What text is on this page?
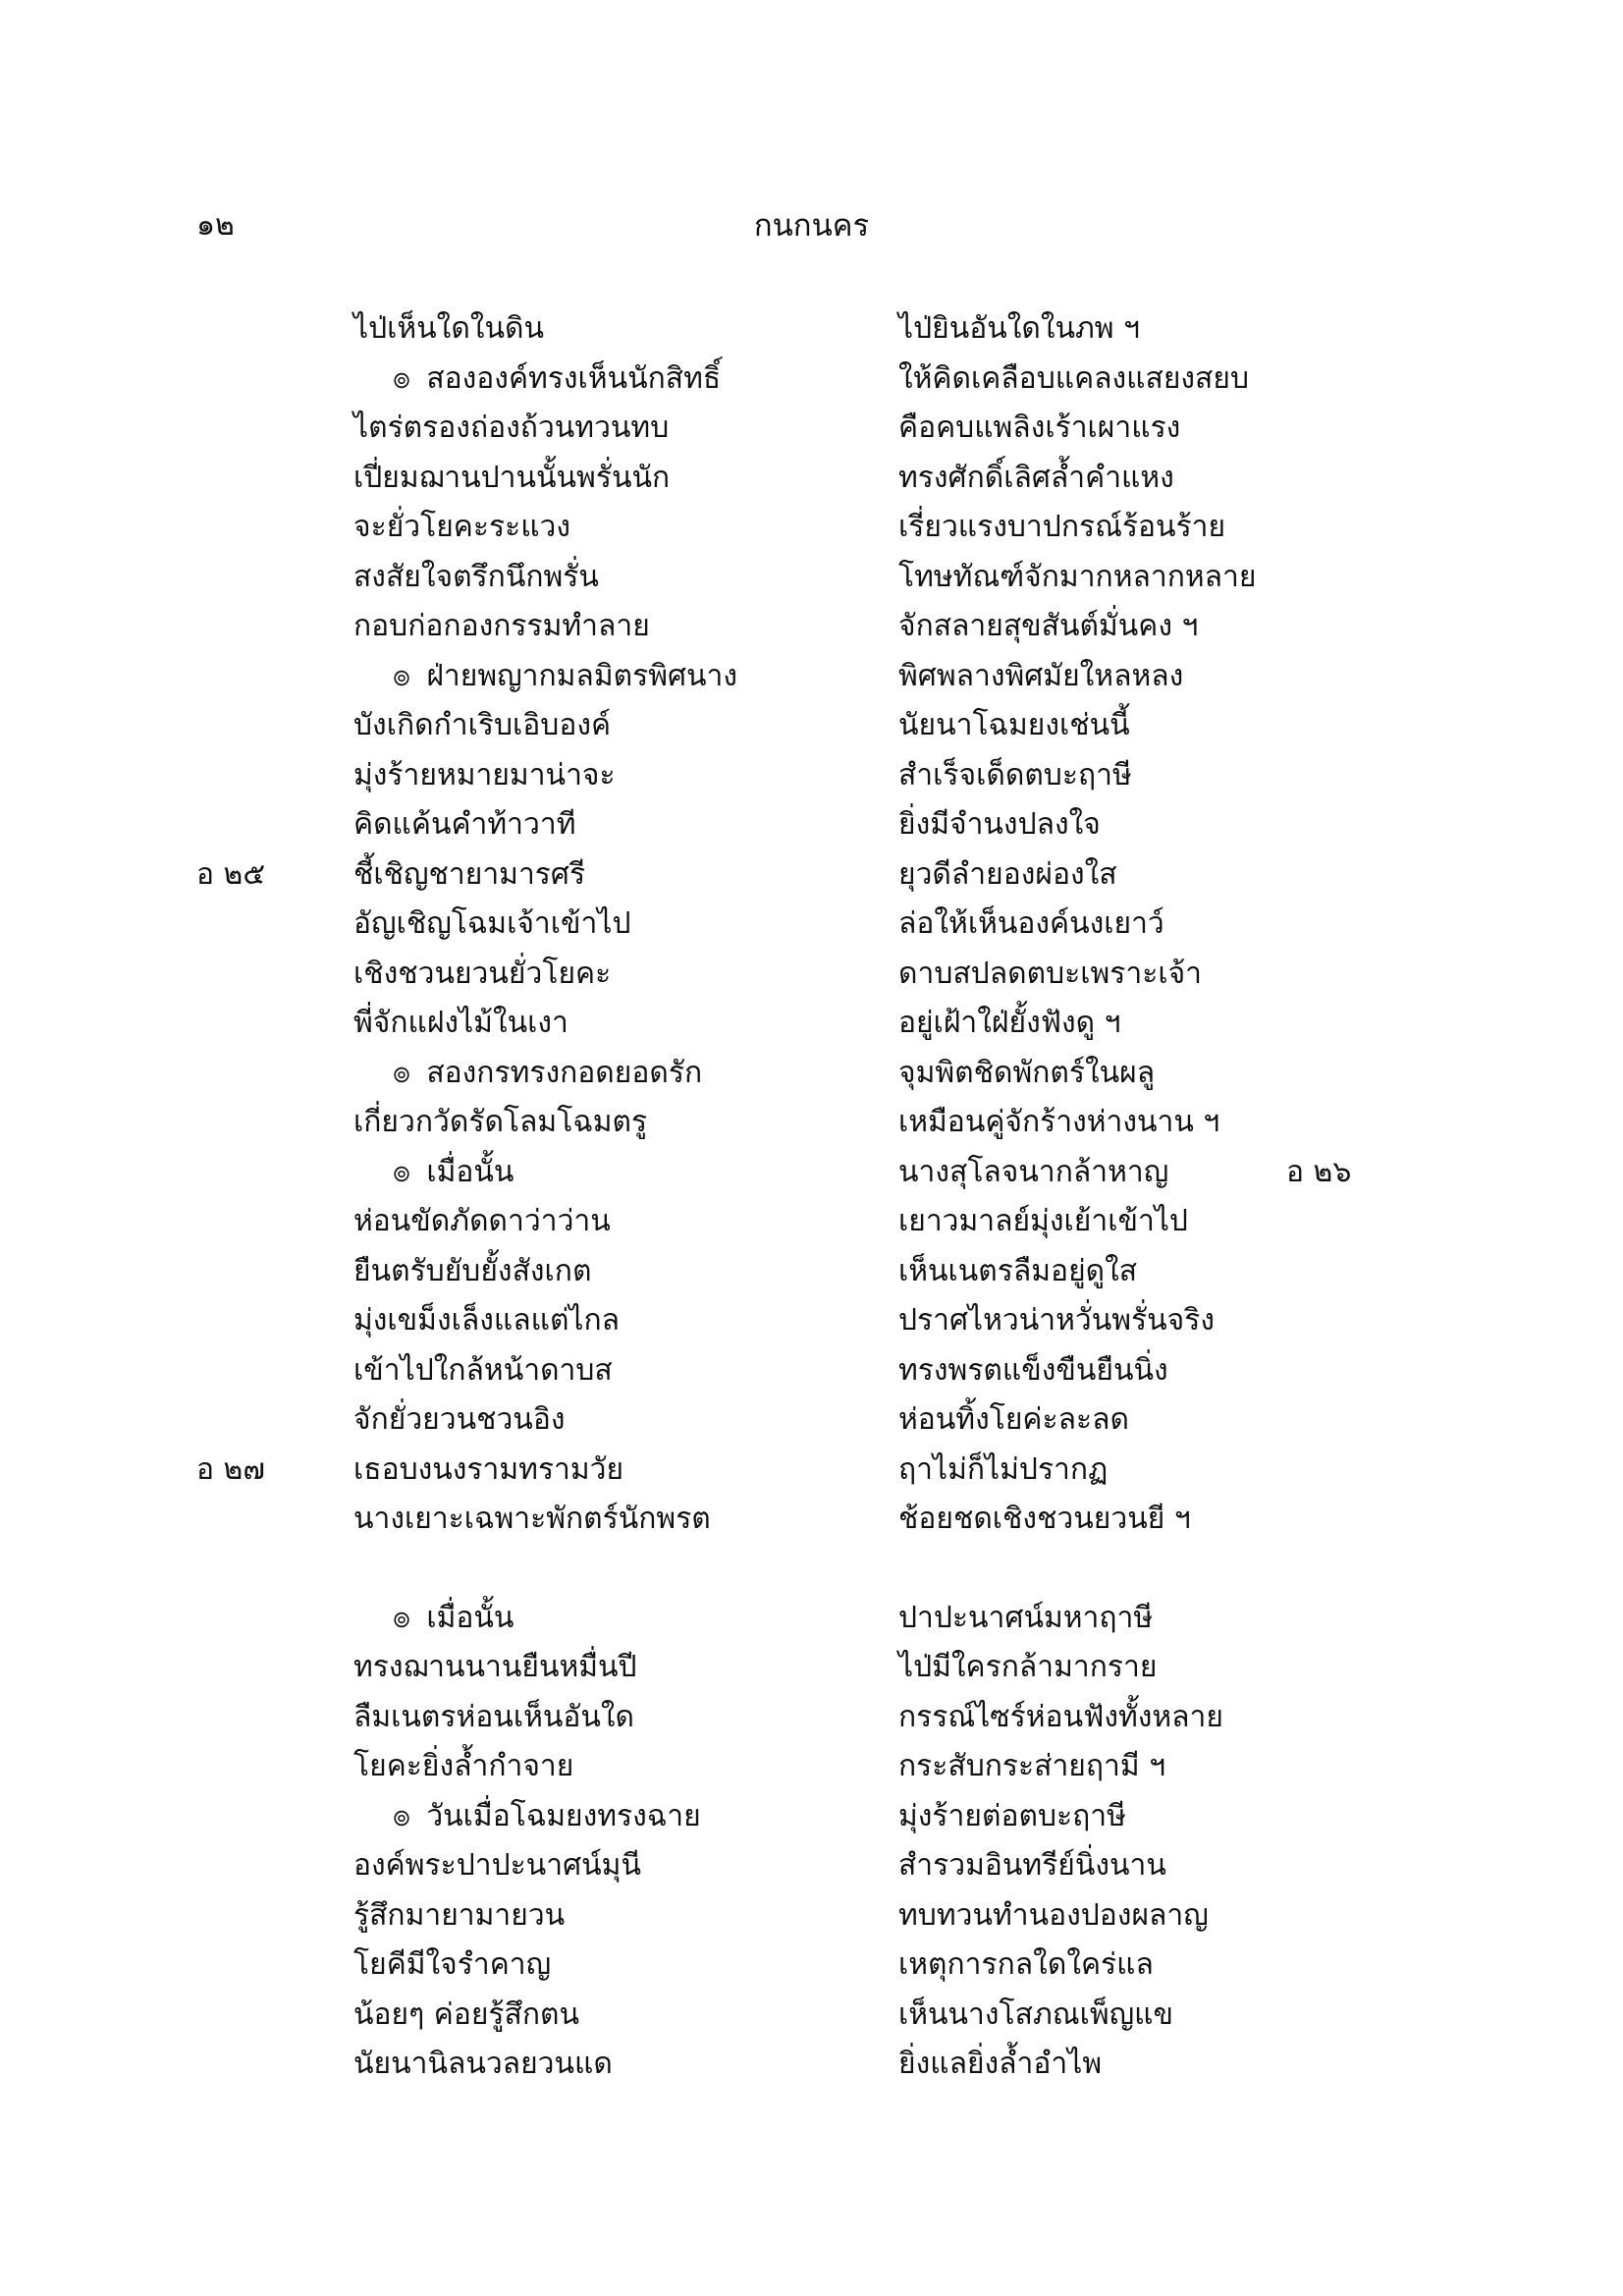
๑๒	กนกนคร
ไป่เห็นใดในดิน	ไป่ยินอันใดในภพ ฯ
๏ สององค์ทรงเห็นนักสิทธิ์	ให้คิดเคลือบแคลงแสยงสยบ
ไตร่ตรองถ่องถ้วนทวนทบ	คือคบแพลิงเร้าเผาแรง
เปี่ยมฌานปานนั้นพรั่นนัก	ทรงศักดิ์เลิศล้ำคำแหง
จะยั่วโยคะระแวง	เรี่ยวแรงบาปกรณ์ร้อนร้าย
สงสัยใจตรึกนึกพรั่น	โทษทัณฑ์จักมากหลากหลาย
กอบก่อกองกรรมทำลาย	จักสลายสุขสันต์มั่นคง ฯ
๏ ฝ่ายพญากมลมิตรพิศนาง	พิศพลางพิศมัยใหลหลง
บังเกิดกำเริบเอิบองค์	นัยนาโฉมยงเช่นนี้
มุ่งร้ายหมายมาน่าจะ	สำเร็จเด็ดตบะฤาษี
คิดแค้นคำท้าวาที	ยิ่งมีจำนงปลงใจ
อ ๒๕	ชี้เชิญชายามารศรี	ยุวดีลำยองผ่องใส
อัญเชิญโฉมเจ้าเข้าไป	ล่อให้เห็นองค์นงเยาว์
เชิงชวนยวนยั่วโยคะ	ดาบสปลดตบะเพราะเจ้า
พี่จักแฝงไม้ในเงา	อยู่เฝ้าใฝ่ยั้งฟังดู ฯ
๏ สองกรทรงกอดยอดรัก	จุมพิตชิดพักตร์ในผลู
เกี่ยวกวัดรัดโลมโฉมตรู	เหมือนคู่จักร้างห่างนาน ฯ
๏ เมื่อนั้น	นางสุโลจนากล้าหาญ	อ ๒๖
ห่อนขัดภัดดาว่าว่าน	เยาวมาลย์มุ่งเย้าเข้าไป
ยืนตรับยับยั้งสังเกต	เห็นเนตรลืมอยู่ดูใส
มุ่งเขม็งเล็งแลแต่ไกล	ปราศไหวน่าหวั่นพรั่นจริง
เข้าไปใกล้หน้าดาบส	ทรงพรตแข็งขืนยืนนิ่ง
จักยั่วยวนชวนอิง	ห่อนทิ้งโยค่ะละลด
อ ๒๗	เธอบงนงรามทรามวัย	ฤาไม่ก็ไม่ปรากฏ
นางเยาะเฉพาะพักตร์นักพรต	ช้อยชดเชิงชวนยวนยี ฯ
๏ เมื่อนั้น	ปาปะนาศน์มหาฤาษี
ทรงฌานนานยืนหมื่นปี	ไป่มีใครกล้ามากราย
ลืมเนตรห่อนเห็นอันใด	กรรณ์ไซร์ห่อนฟังทั้งหลาย
โยคะยิ่งล้ำกำจาย	กระสับกระส่ายฤามี ฯ
๏ วันเมื่อโฉมยงทรงฉาย	มุ่งร้ายต่อตบะฤาษี
องค์พระปาปะนาศน์มุนี	สำรวมอินทรีย์นิ่งนาน
รู้สึกมายามายวน	ทบทวนทำนองปองผลาญ
โยคีมีใจรำคาญ	เหตุการกลใดใคร่แล
น้อยๆ ค่อยรู้สึกตน	เห็นนางโสภณเพ็ญแข
นัยนานิลนวลยวนแด	ยิ่งแลยิ่งล้ำอำไพ
